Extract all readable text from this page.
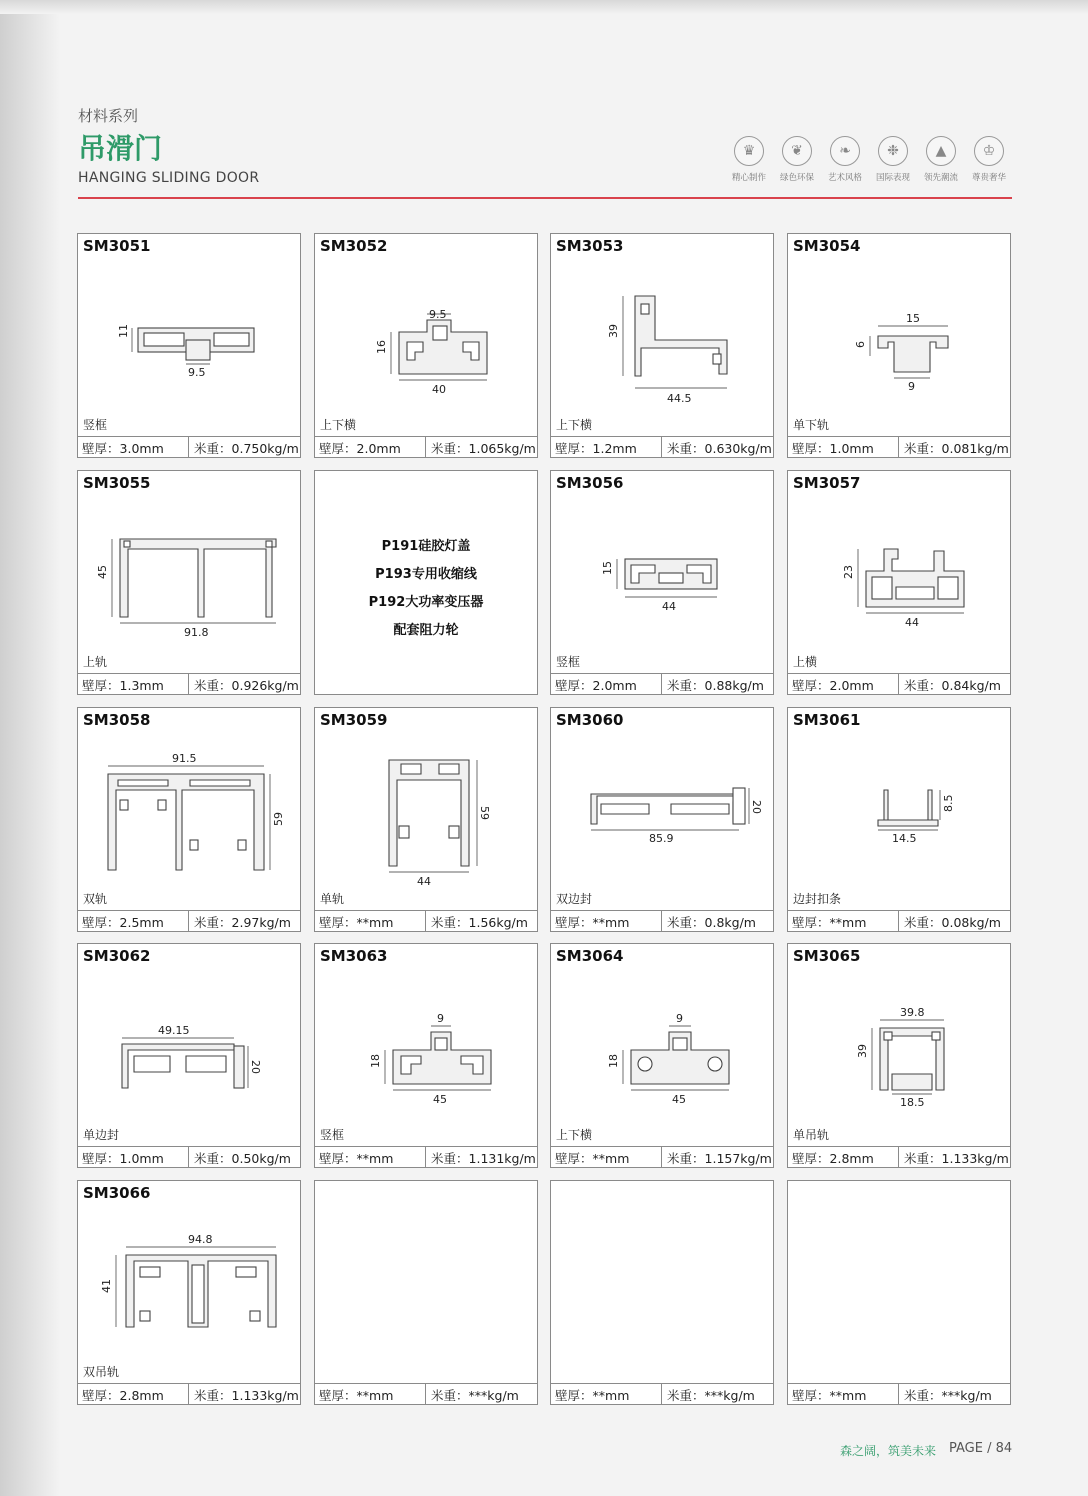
材料系列
吊滑门
HANGING SLIDING DOOR
♛
精心制作
❦
绿色环保
❧
艺术风格
❉
国际表现
▲
领先潮流
♔
尊贵奢华
SM3051
11
9.5
竖框
壁厚：3.0mm 米重：0.750kg/m
SM3052
9.5
16
40
上下横
壁厚：2.0mm 米重：1.065kg/m
SM3053
39
44.5
上下横
壁厚：1.2mm 米重：0.630kg/m
SM3054
15
6
9
单下轨
壁厚：1.0mm 米重：0.081kg/m
SM3055
45
91.8
上轨
壁厚：1.3mm 米重：0.926kg/m
P191硅胶灯盖
P193专用收缩线
P192大功率变压器
配套阻力轮
SM3056
15
44
竖框
壁厚：2.0mm 米重：0.88kg/m
SM3057
23
44
上横
壁厚：2.0mm 米重：0.84kg/m
SM3058
91.5
59
双轨
壁厚：2.5mm 米重：2.97kg/m
SM3059
59
44
单轨
壁厚：**mm	米重：1.56kg/m
SM3060
20
85.9
双边封
壁厚：**mm	米重：0.8kg/m
SM3061
8.5
14.5
边封扣条
壁厚：**mm	米重：0.08kg/m
SM3062
49.15
20
单边封
壁厚：1.0mm 米重：0.50kg/m
SM3063
9
18
45
竖框
壁厚：**mm	米重：1.131kg/m
SM3064
9
18
45
上下横
壁厚：**mm	米重：1.157kg/m
SM3065
39.8
39
18.5
单吊轨
壁厚：2.8mm 米重：1.133kg/m
SM3066
94.8
41
双吊轨
壁厚：2.8mm 米重：1.133kg/m 壁厚：**mm	米重：***kg/m	壁厚：**mm	米重：***kg/m	壁厚：**mm	米重：***kg/m
森之阔，筑美未来 PAGE / 84
